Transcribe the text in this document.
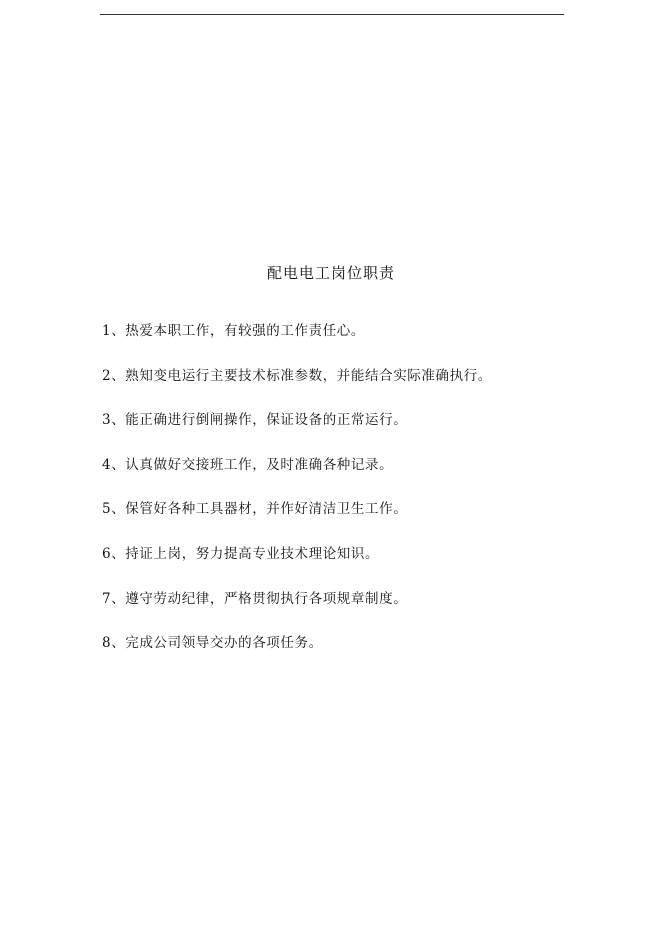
配电电工岗位职责
1、热爱本职工作，有较强的工作责任心。
2、熟知变电运行主要技术标准参数，并能结合实际准确执行。
3、能正确进行倒闸操作，保证设备的正常运行。
4、认真做好交接班工作，及时准确各种记录。
5、保管好各种工具器材，并作好清洁卫生工作。
6、持证上岗，努力提高专业技术理论知识。
7、遵守劳动纪律，严格贯彻执行各项规章制度。
8、完成公司领导交办的各项任务。
